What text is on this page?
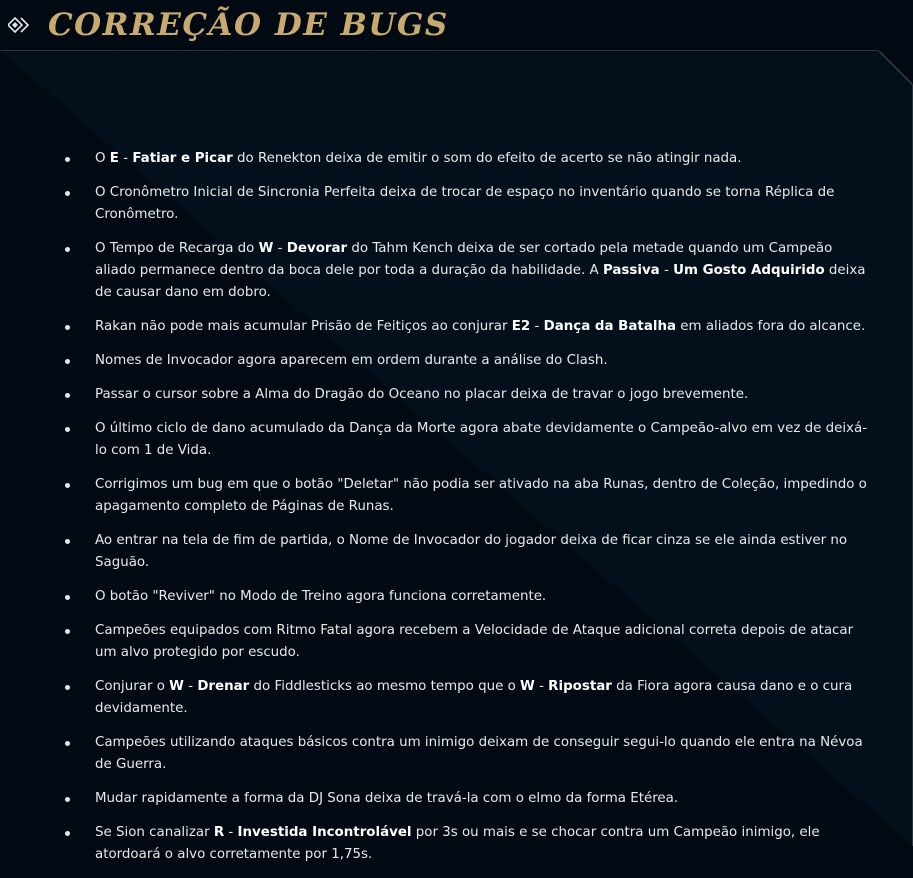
CORREÇÃO DE BUGS
O E - Fatiar e Picar do Renekton deixa de emitir o som do efeito de acerto se não atingir nada.
O Cronômetro Inicial de Sincronia Perfeita deixa de trocar de espaço no inventário quando se torna Réplica de Cronômetro.
O Tempo de Recarga do W - Devorar do Tahm Kench deixa de ser cortado pela metade quando um Campeão aliado permanece dentro da boca dele por toda a duração da habilidade. A Passiva - Um Gosto Adquirido deixa de causar dano em dobro.
Rakan não pode mais acumular Prisão de Feitiços ao conjurar E2 - Dança da Batalha em aliados fora do alcance.
Nomes de Invocador agora aparecem em ordem durante a análise do Clash.
Passar o cursor sobre a Alma do Dragão do Oceano no placar deixa de travar o jogo brevemente.
O último ciclo de dano acumulado da Dança da Morte agora abate devidamente o Campeão-alvo em vez de deixá-lo com 1 de Vida.
Corrigimos um bug em que o botão "Deletar" não podia ser ativado na aba Runas, dentro de Coleção, impedindo o apagamento completo de Páginas de Runas.
Ao entrar na tela de fim de partida, o Nome de Invocador do jogador deixa de ficar cinza se ele ainda estiver no Saguão.
O botão "Reviver" no Modo de Treino agora funciona corretamente.
Campeões equipados com Ritmo Fatal agora recebem a Velocidade de Ataque adicional correta depois de atacar um alvo protegido por escudo.
Conjurar o W - Drenar do Fiddlesticks ao mesmo tempo que o W - Ripostar da Fiora agora causa dano e o cura devidamente.
Campeões utilizando ataques básicos contra um inimigo deixam de conseguir segui-lo quando ele entra na Névoa de Guerra.
Mudar rapidamente a forma da DJ Sona deixa de travá-la com o elmo da forma Etérea.
Se Sion canalizar R - Investida Incontrolável por 3s ou mais e se chocar contra um Campeão inimigo, ele atordoará o alvo corretamente por 1,75s.
